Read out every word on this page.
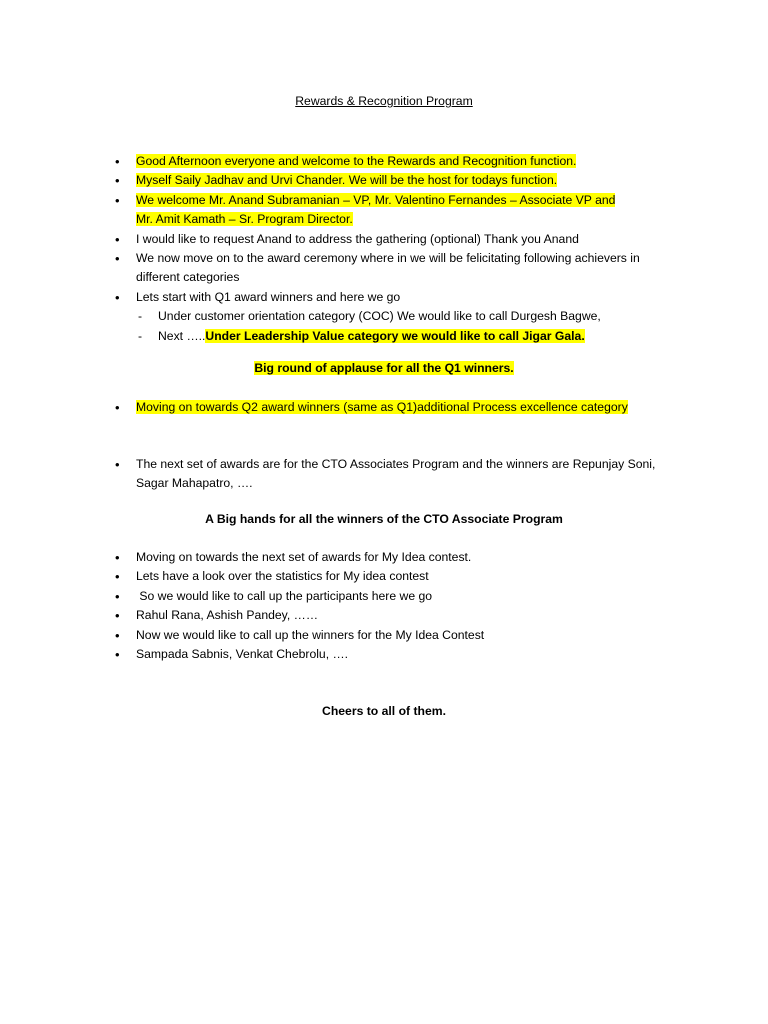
Rewards & Recognition Program
• Good Afternoon everyone and welcome to the Rewards and Recognition function.
• Myself Saily Jadhav and Urvi Chander. We will be the host for todays function.
• We welcome Mr. Anand Subramanian – VP, Mr. Valentino Fernandes – Associate VP and
Mr. Amit Kamath – Sr. Program Director.
• I would like to request Anand to address the gathering (optional) Thank you Anand
• We now move on to the award ceremony where in we will be felicitating following achievers in
different categories
• Lets start with Q1 award winners and here we go
- Under customer orientation category (COC) We would like to call Durgesh Bagwe,
- Next …..Under Leadership Value category we would like to call Jigar Gala.
Big round of applause for all the Q1 winners.
• Moving on towards Q2 award winners (same as Q1)additional Process excellence category
• The next set of awards are for the CTO Associates Program and the winners are Repunjay Soni,
Sagar Mahapatro, ….
A Big hands for all the winners of the CTO Associate Program
• Moving on towards the next set of awards for My Idea contest.
• Lets have a look over the statistics for My idea contest
• So we would like to call up the participants here we go
• Rahul Rana, Ashish Pandey, ……
• Now we would like to call up the winners for the My Idea Contest
• Sampada Sabnis, Venkat Chebrolu, ….
Cheers to all of them.
